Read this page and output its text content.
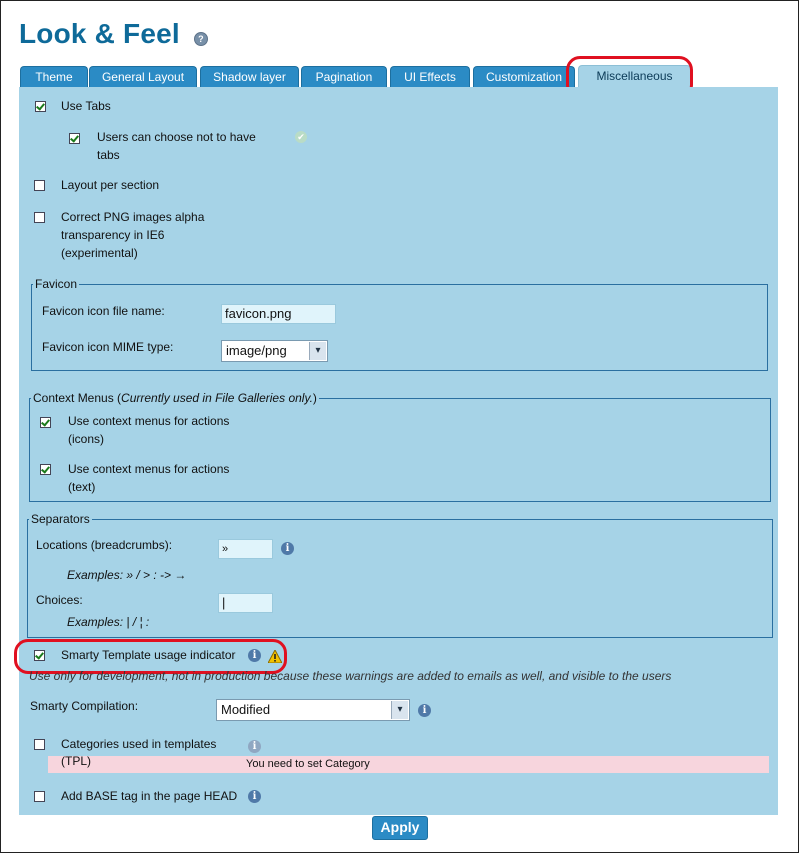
Look & Feel	?
Theme	General Layout	Shadow layer	Pagination	UI Effects	Customization	Miscellaneous
Use Tabs
Users can choose not to have
tabs
✔
Layout per section
Correct PNG images alpha
transparency in IE6
(experimental)
Favicon
Favicon icon file name:	favicon.png
Favicon icon MIME type:	image/png	▾
Context Menus (Currently used in File Galleries only.)
Use context menus for actions
(icons)
Use context menus for actions
(text)
Separators
Locations (breadcrumbs):	»	i
Examples: » / > : -> →
Choices:	|
Examples: | / ¦ :
Smarty Template usage indicator	i
Use only for development, not in production because these warnings are added to emails as well, and visible to the users
Smarty Compilation:	Modified	▾	i
Categories used in templates
You need to set Category
(TPL)
i
Add BASE tag in the page HEAD	i
Apply
